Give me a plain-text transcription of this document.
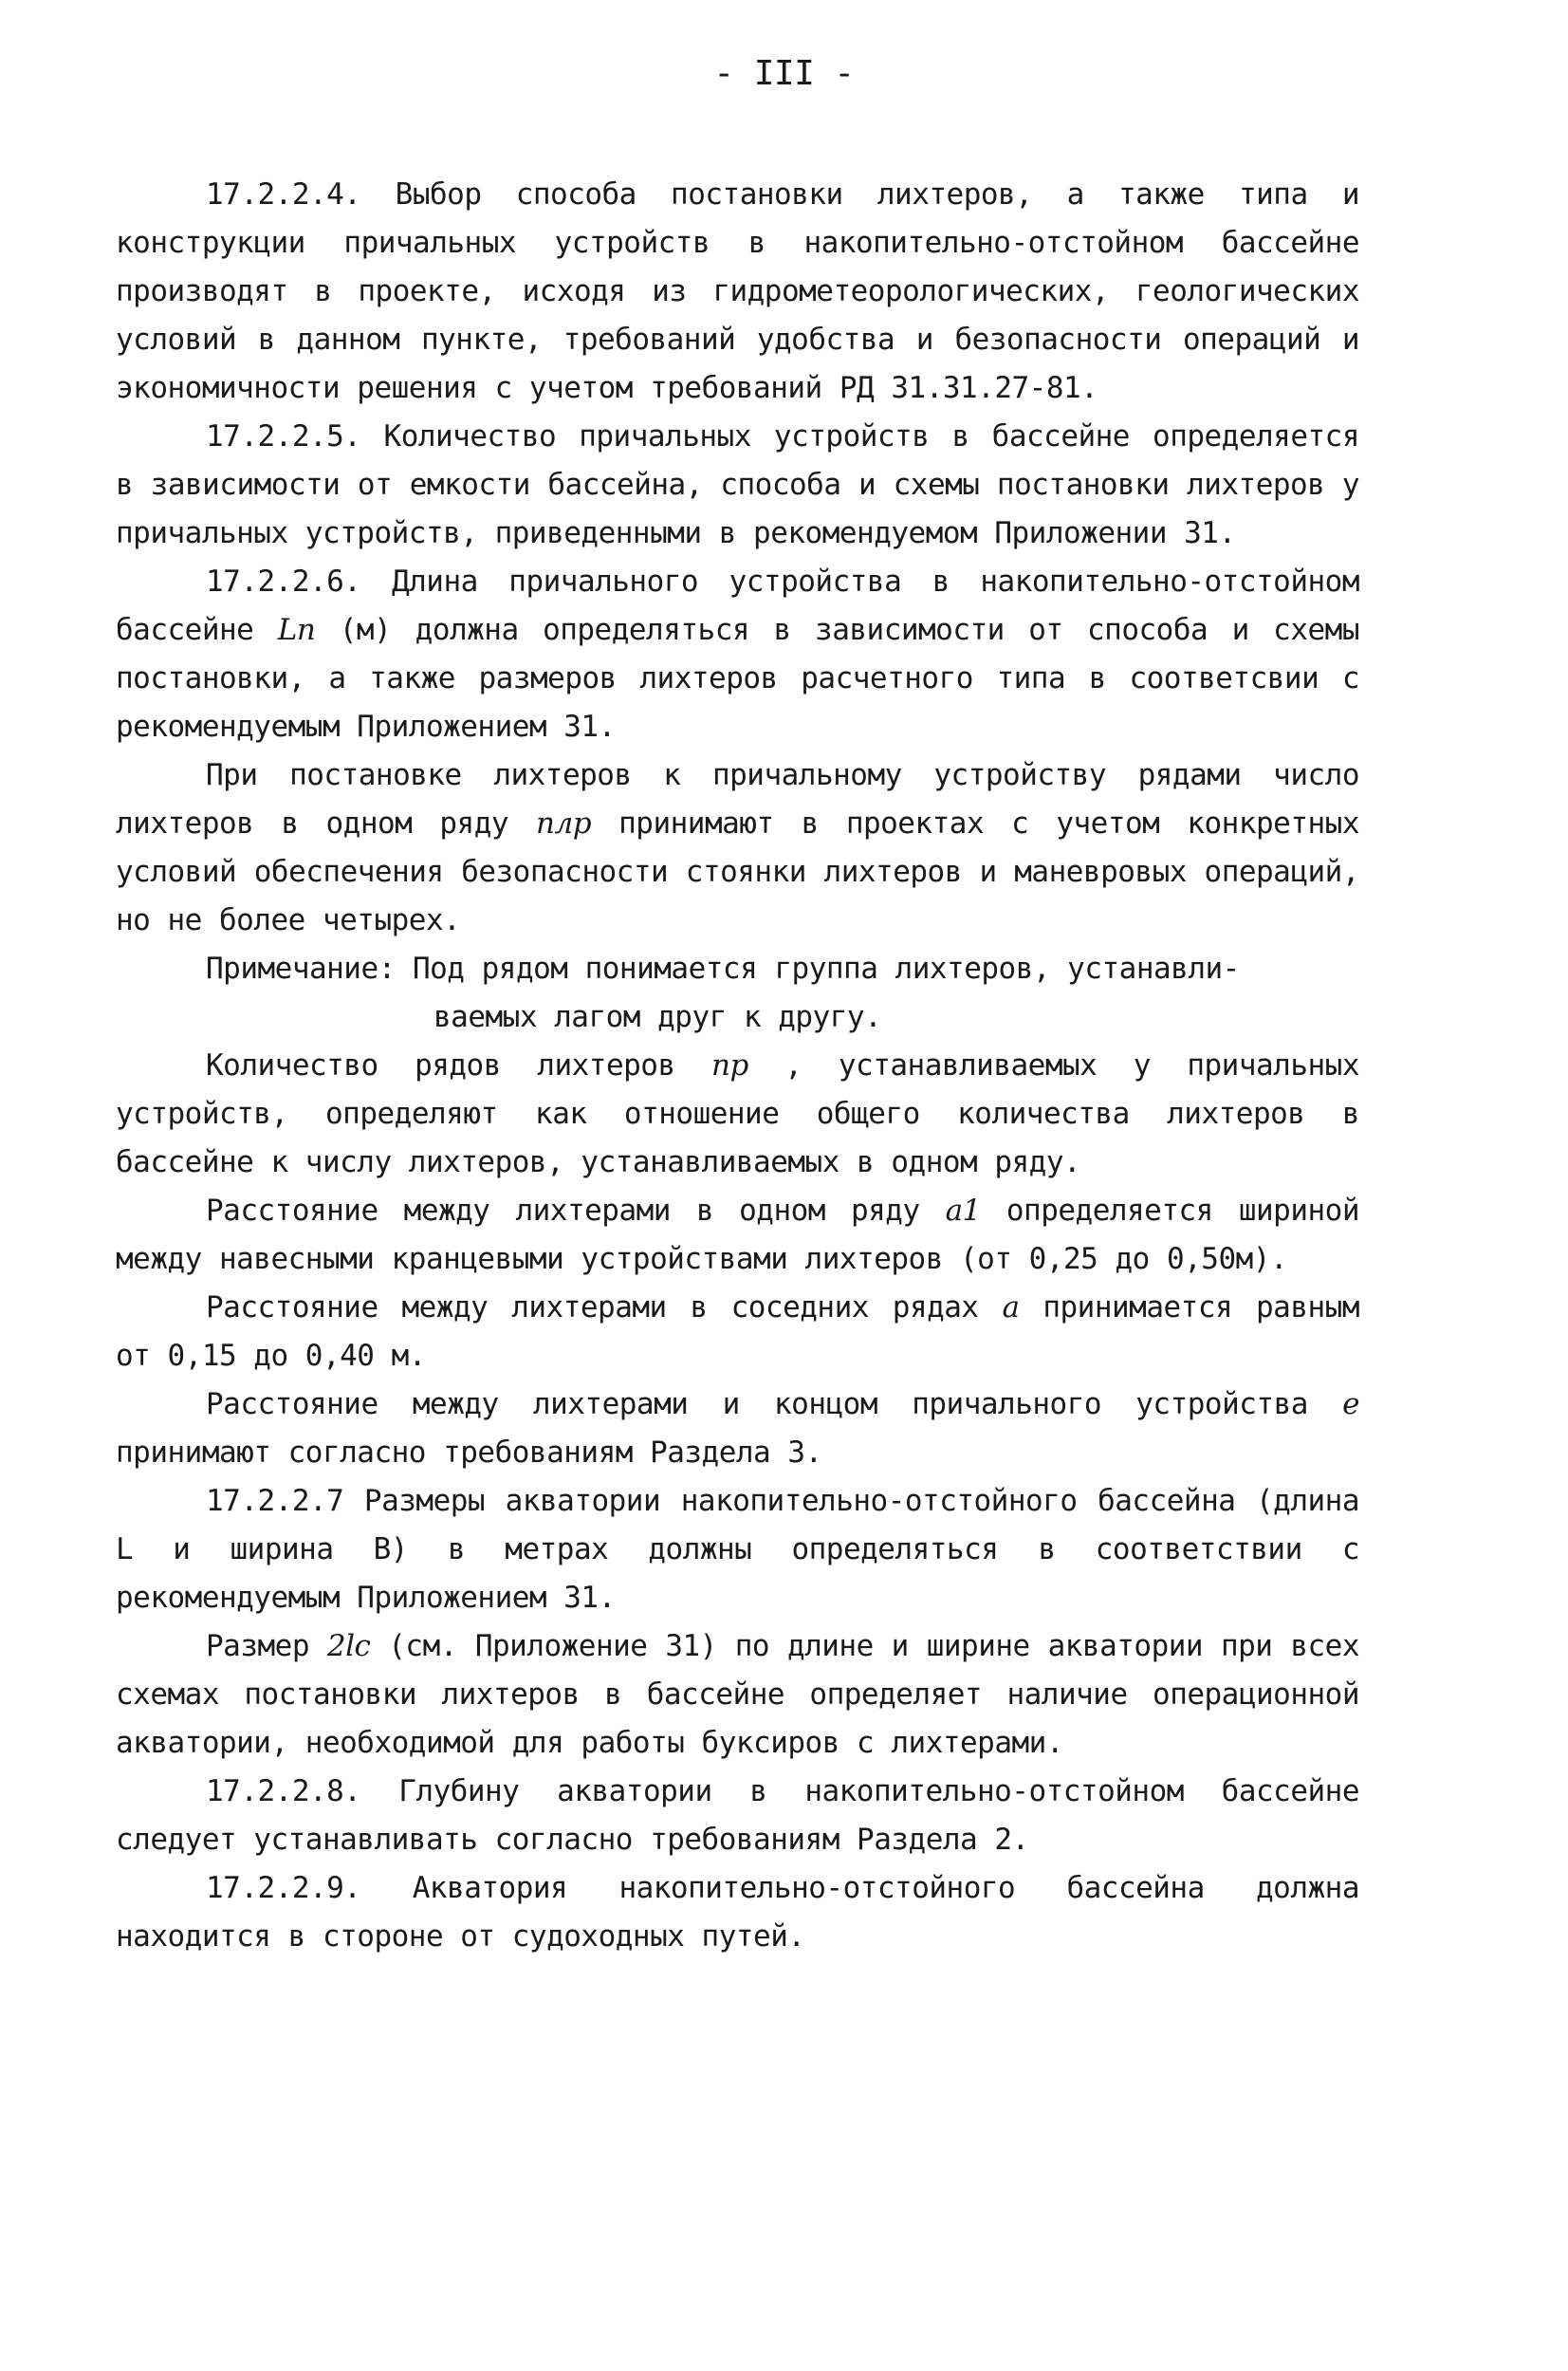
- III -

17.2.2.4. Выбор способа постановки лихтеров, а также типа и конструкции причальных устройств в накопительно-отстойном бассейне производят в проекте, исходя из гидрометеорологических, геологических условий в данном пункте, требований удобства и безопасности операций и экономичности решения с учетом требований РД 31.31.27-81.

17.2.2.5. Количество причальных устройств в бассейне определяется в зависимости от емкости бассейна, способа и схемы постановки лихтеров у причальных устройств, приведенными в рекомендуемом Приложении 31.

17.2.2.6. Длина причального устройства в накопительно-отстойном бассейне Lп (м) должна определяться в зависимости от способа и схемы постановки, а также размеров лихтеров расчетного типа в соответсвии с рекомендуемым Приложением 31.

При постановке лихтеров к причальному устройству рядами число лихтеров в одном ряду nлр принимают в проектах с учетом конкретных условий обеспечения безопасности стоянки лихтеров и маневровых операций, но не более четырех.

Примечание: Под рядом понимается группа лихтеров, устанавли-
ваемых лагом друг к другу.

Количество рядов лихтеров nр , устанавливаемых у причальных устройств, определяют как отношение общего количества лихтеров в бассейне к числу лихтеров, устанавливаемых в одном ряду.

Расстояние между лихтерами в одном ряду a1 определяется шириной между навесными кранцевыми устройствами лихтеров (от 0,25 до 0,50м).

Расстояние между лихтерами в соседних рядах a принимается равным от 0,15 до 0,40 м.

Расстояние между лихтерами и концом причального устройства e принимают согласно требованиям Раздела 3.

17.2.2.7 Размеры акватории накопительно-отстойного бассейна (длина L и ширина B) в метрах должны определяться в соответствии с рекомендуемым Приложением 31.

Размер 2lс (см. Приложение 31) по длине и ширине акватории при всех схемах постановки лихтеров в бассейне определяет наличие операционной акватории, необходимой для работы буксиров с лихтерами.

17.2.2.8. Глубину акватории в накопительно-отстойном бассейне следует устанавливать согласно требованиям Раздела 2.

17.2.2.9. Акватория накопительно-отстойного бассейна должна находится в стороне от судоходных путей.
